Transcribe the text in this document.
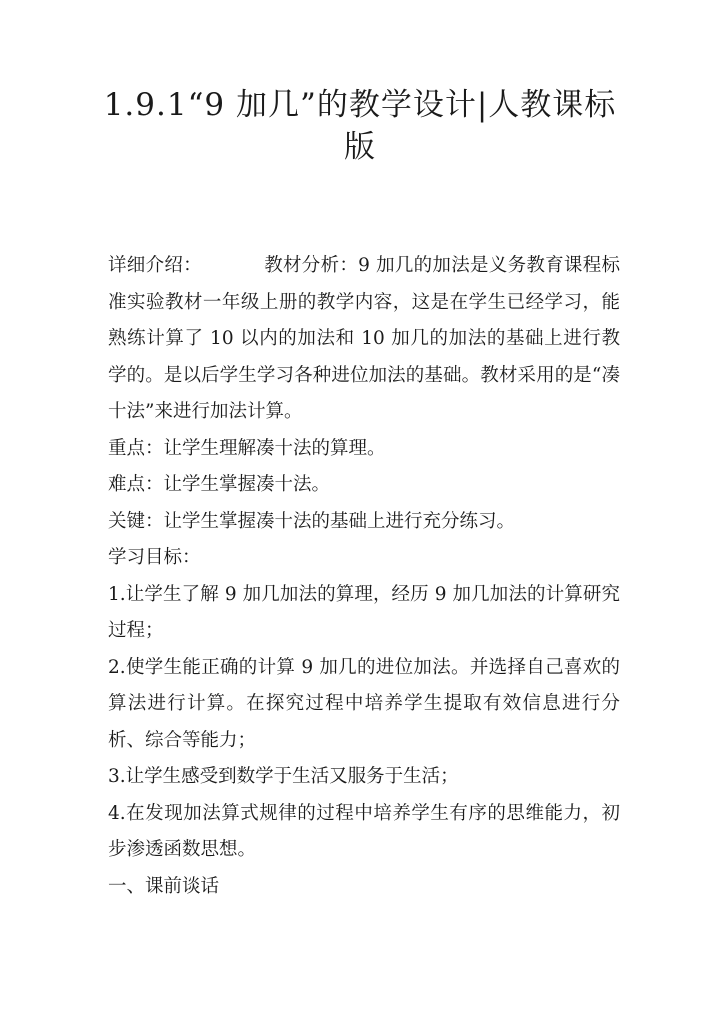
1.9.1“9 加几”的教学设计|人教课标版

详细介绍：	教材分析：9 加几的加法是义务教育课程标准实验教材一年级上册的教学内容，这是在学生已经学习，能熟练计算了 10 以内的加法和 10 加几的加法的基础上进行教学的。是以后学生学习各种进位加法的基础。教材采用的是“凑十法”来进行加法计算。

重点：让学生理解凑十法的算理。

难点：让学生掌握凑十法。

关键：让学生掌握凑十法的基础上进行充分练习。

学习目标：

1.让学生了解 9 加几加法的算理，经历 9 加几加法的计算研究过程；

2.使学生能正确的计算 9 加几的进位加法。并选择自己喜欢的算法进行计算。在探究过程中培养学生提取有效信息进行分析、综合等能力；

3.让学生感受到数学于生活又服务于生活；

4.在发现加法算式规律的过程中培养学生有序的思维能力，初步渗透函数思想。

一、课前谈话
